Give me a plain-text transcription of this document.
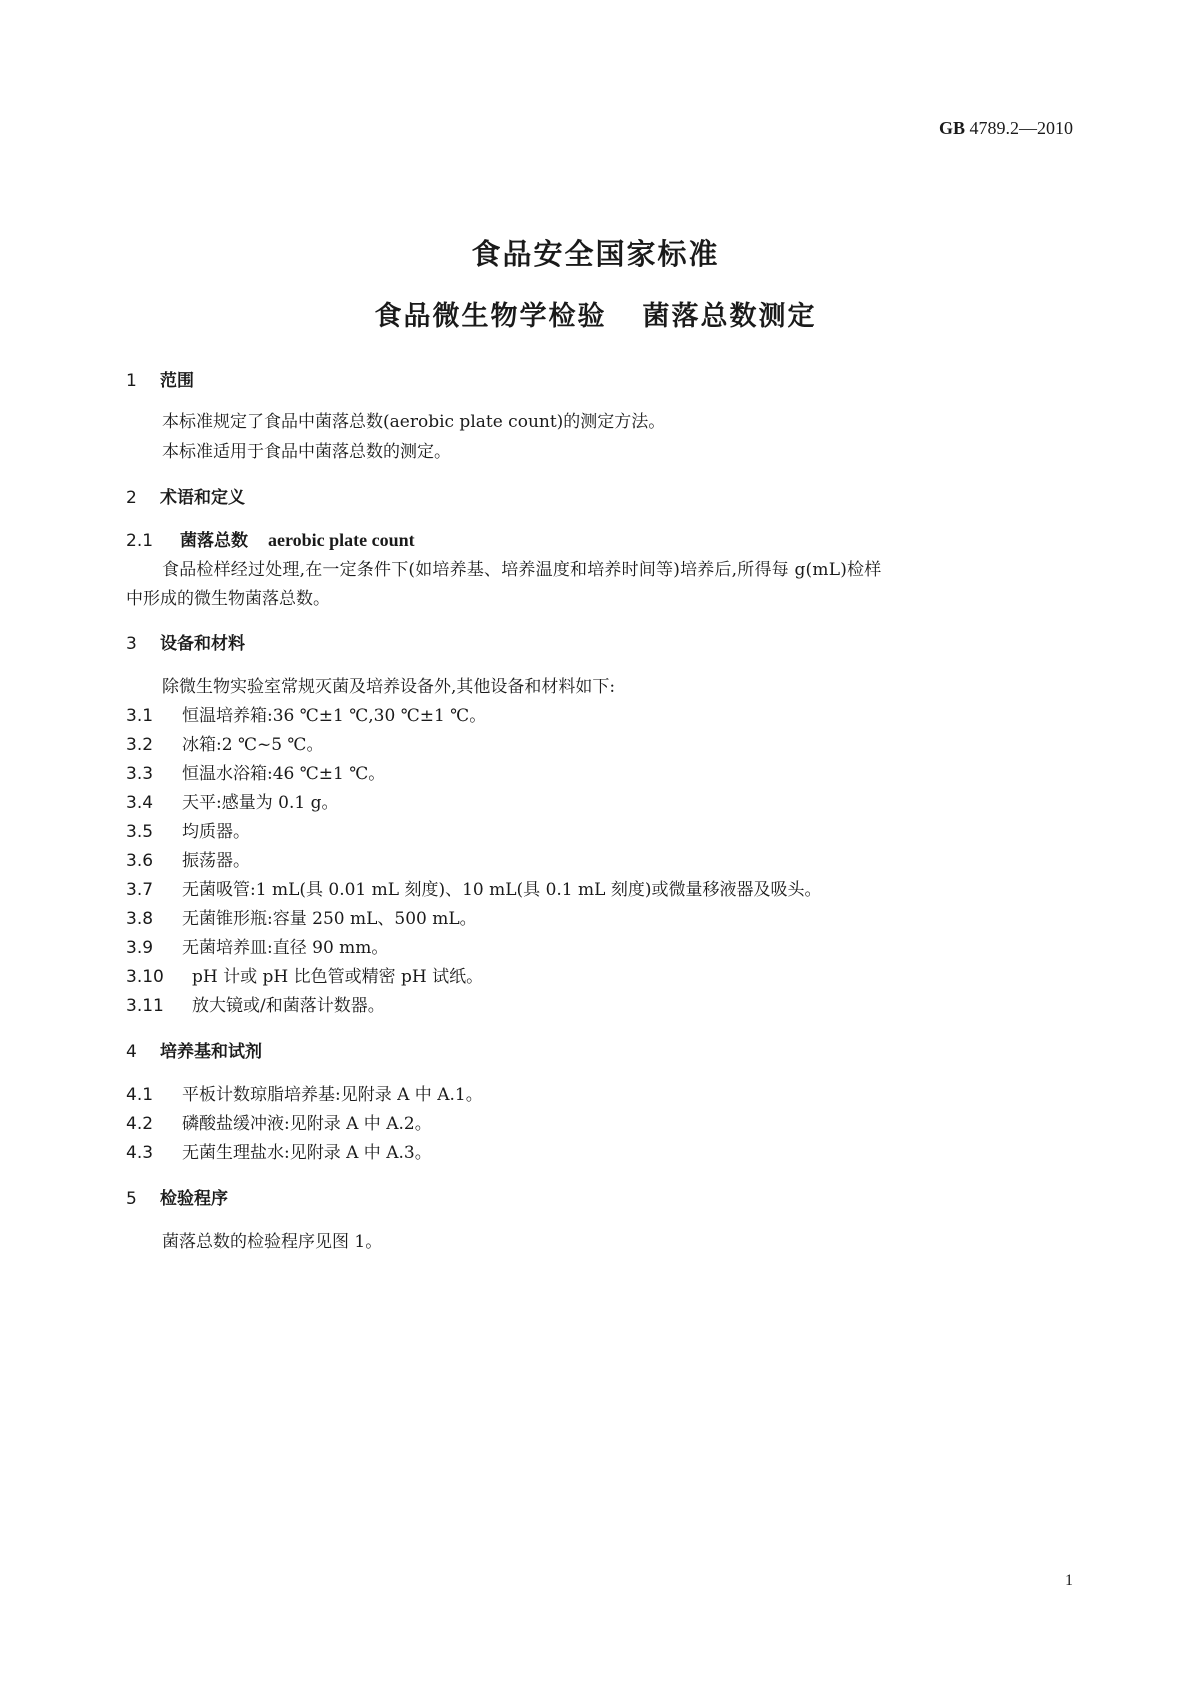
GB 4789.2—2010
食品安全国家标准
食品微生物学检验 菌落总数测定
1 范围
本标准规定了食品中菌落总数(aerobic plate count)的测定方法。
本标准适用于食品中菌落总数的测定。
2 术语和定义
2.1 菌落总数 aerobic plate count
食品检样经过处理,在一定条件下(如培养基、培养温度和培养时间等)培养后,所得每 g(mL)检样
中形成的微生物菌落总数。
3 设备和材料
除微生物实验室常规灭菌及培养设备外,其他设备和材料如下:
3.1 恒温培养箱:36 ℃±1 ℃,30 ℃±1 ℃。
3.2 冰箱:2 ℃~5 ℃。
3.3 恒温水浴箱:46 ℃±1 ℃。
3.4 天平:感量为 0.1 g。
3.5 均质器。
3.6 振荡器。
3.7 无菌吸管:1 mL(具 0.01 mL 刻度)、10 mL(具 0.1 mL 刻度)或微量移液器及吸头。
3.8 无菌锥形瓶:容量 250 mL、500 mL。
3.9 无菌培养皿:直径 90 mm。
3.10 pH 计或 pH 比色管或精密 pH 试纸。
3.11 放大镜或/和菌落计数器。
4 培养基和试剂
4.1 平板计数琼脂培养基:见附录 A 中 A.1。
4.2 磷酸盐缓冲液:见附录 A 中 A.2。
4.3 无菌生理盐水:见附录 A 中 A.3。
5 检验程序
菌落总数的检验程序见图 1。
1
